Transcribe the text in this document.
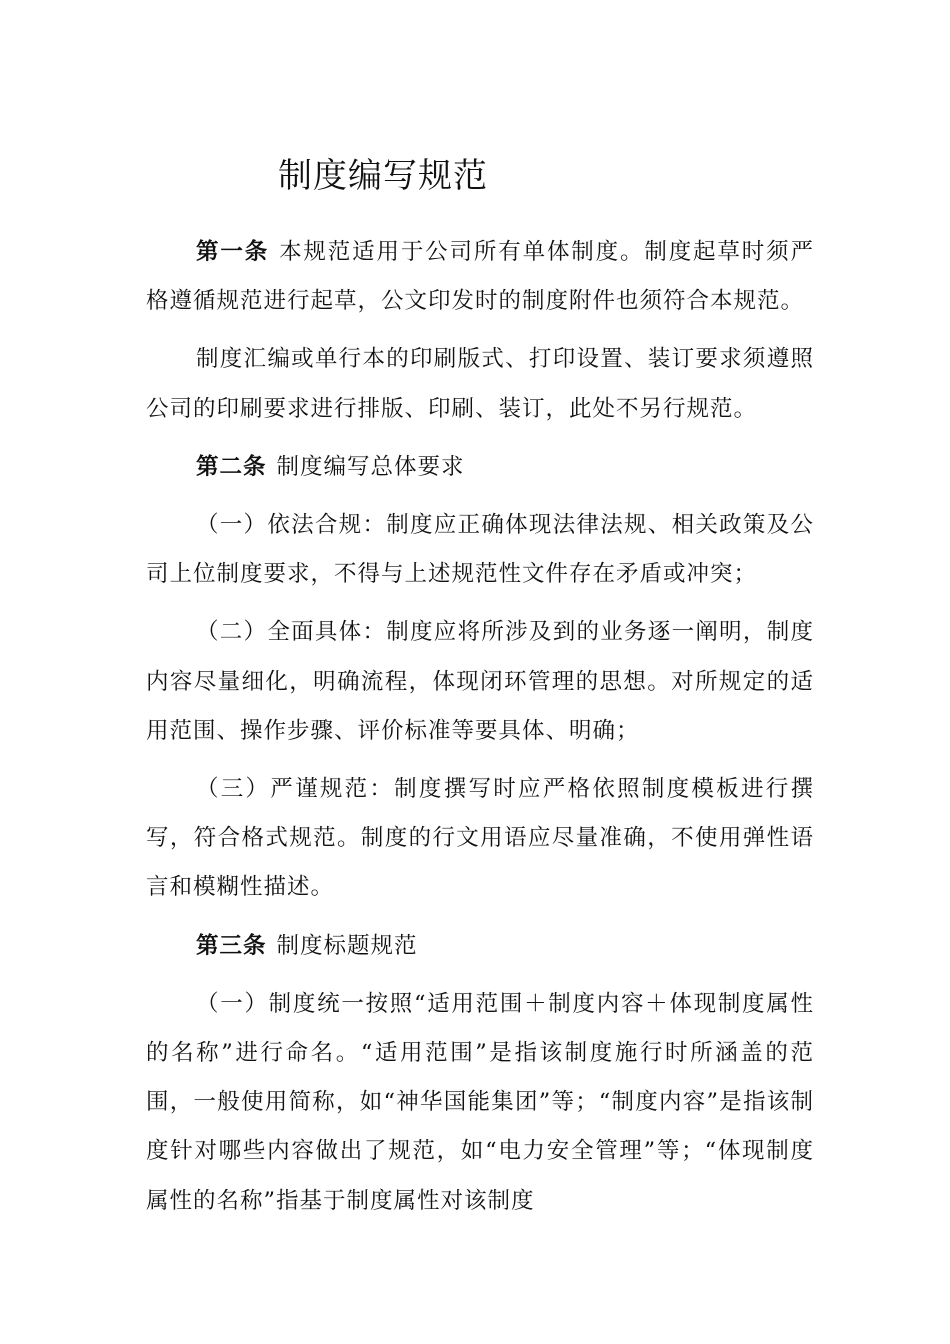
制度编写规范

第一条 本规范适用于公司所有单体制度。制度起草时须严格遵循规范进行起草，公文印发时的制度附件也须符合本规范。

制度汇编或单行本的印刷版式、打印设置、装订要求须遵照公司的印刷要求进行排版、印刷、装订，此处不另行规范。

第二条 制度编写总体要求

（一）依法合规：制度应正确体现法律法规、相关政策及公司上位制度要求，不得与上述规范性文件存在矛盾或冲突；

（二）全面具体：制度应将所涉及到的业务逐一阐明，制度内容尽量细化，明确流程，体现闭环管理的思想。对所规定的适用范围、操作步骤、评价标准等要具体、明确；

（三）严谨规范：制度撰写时应严格依照制度模板进行撰写，符合格式规范。制度的行文用语应尽量准确，不使用弹性语言和模糊性描述。

第三条 制度标题规范

（一）制度统一按照“适用范围＋制度内容＋体现制度属性的名称”进行命名。“适用范围”是指该制度施行时所涵盖的范围，一般使用简称，如“神华国能集团”等；“制度内容”是指该制度针对哪些内容做出了规范，如“电力安全管理”等；“体现制度属性的名称”指基于制度属性对该制度
